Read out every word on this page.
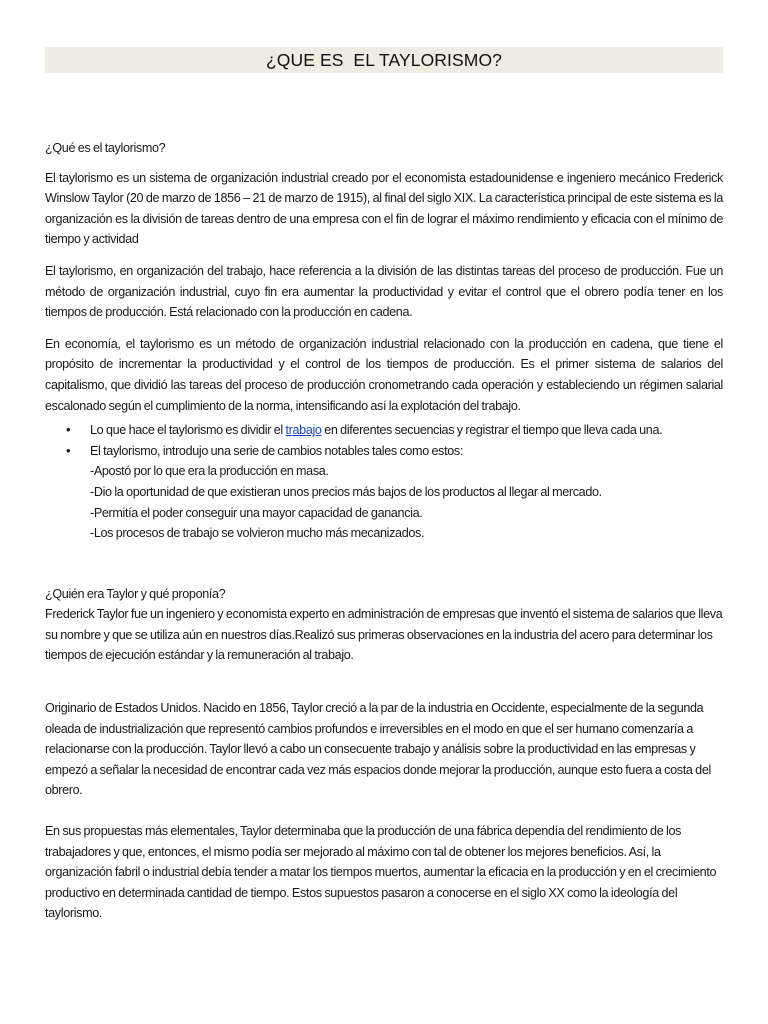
¿QUE ES  EL TAYLORISMO?

¿Qué es el taylorismo?

El taylorismo es un sistema de organización industrial creado por el economista estadounidense e ingeniero mecánico Frederick Winslow Taylor (20 de marzo de 1856 – 21 de marzo de 1915), al final del siglo XIX. La característica principal de este sistema es la organización es la división de tareas dentro de una empresa con el fin de lograr el máximo rendimiento y eficacia con el mínimo de tiempo y actividad

El taylorismo, en organización del trabajo, hace referencia a la división de las distintas tareas del proceso de producción. Fue un método de organización industrial, cuyo fin era aumentar la productividad y evitar el control que el obrero podía tener en los tiempos de producción. Está relacionado con la producción en cadena.

En economía, el taylorismo es un método de organización industrial relacionado con la producción en cadena, que tiene el propósito de incrementar la productividad y el control de los tiempos de producción. Es el primer sistema de salarios del capitalismo, que dividió las tareas del proceso de producción cronometrando cada operación y estableciendo un régimen salarial escalonado según el cumplimiento de la norma, intensificando así la explotación del trabajo.

• Lo que hace el taylorismo es dividir el trabajo en diferentes secuencias y registrar el tiempo que lleva cada una.
• El taylorismo, introdujo una serie de cambios notables tales como estos:
-Apostó por lo que era la producción en masa.
-Dio la oportunidad de que existieran unos precios más bajos de los productos al llegar al mercado.
-Permitía el poder conseguir una mayor capacidad de ganancia.
-Los procesos de trabajo se volvieron mucho más mecanizados.

¿Quién era Taylor y qué proponía?

Frederick Taylor fue un ingeniero y economista experto en administración de empresas que inventó el sistema de salarios que lleva su nombre y que se utiliza aún en nuestros días.Realizó sus primeras observaciones en la industria del acero para determinar los tiempos de ejecución estándar y la remuneración al trabajo.

Originario de Estados Unidos. Nacido en 1856, Taylor creció a la par de la industria en Occidente, especialmente de la segunda oleada de industrialización que representó cambios profundos e irreversibles en el modo en que el ser humano comenzaría a relacionarse con la producción. Taylor llevó a cabo un consecuente trabajo y análisis sobre la productividad en las empresas y empezó a señalar la necesidad de encontrar cada vez más espacios donde mejorar la producción, aunque esto fuera a costa del obrero.

En sus propuestas más elementales, Taylor determinaba que la producción de una fábrica dependía del rendimiento de los trabajadores y que, entonces, el mismo podía ser mejorado al máximo con tal de obtener los mejores beneficios. Así, la organización fabril o industrial debía tender a matar los tiempos muertos, aumentar la eficacia en la producción y en el crecimiento productivo en determinada cantidad de tiempo. Estos supuestos pasaron a conocerse en el siglo XX como la ideología del taylorismo.
